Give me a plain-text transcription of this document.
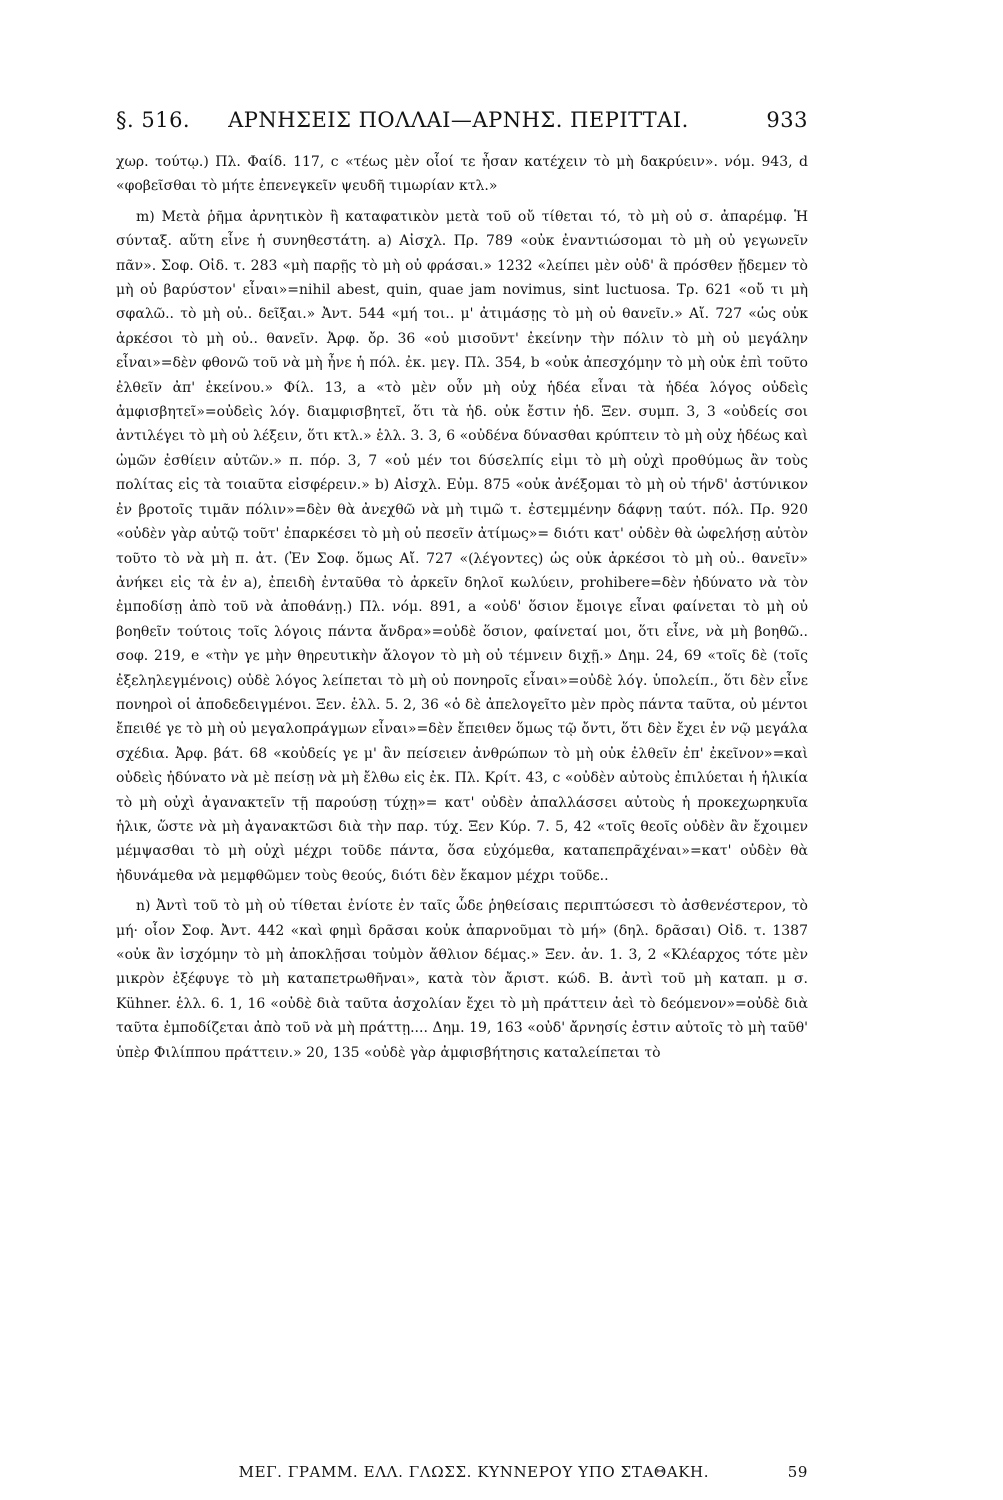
§. 516.	ΑΡΝΗΣΕΙΣ ΠΟΛΛΑΙ—ΑΡΝΗΣ. ΠΕΡΙΤΤΑΙ.	933

χωρ. τούτῳ.) Πλ. Φαίδ. 117, c «τέως μὲν οἷοί τε ἦσαν κατέχειν τὸ μὴ δακρύειν». νόμ. 943, d «φοβεῖσθαι τὸ μήτε ἐπενεγκεῖν ψευδῆ τιμωρίαν κτλ.»

m) Μετὰ ῥῆμα ἀρνητικὸν ἢ καταφατικὸν μετὰ τοῦ οὔ τίθεται τό, τὸ μὴ οὐ σ. ἀπαρέμφ. Ἡ σύνταξ. αὕτη εἶνε ἡ συνηθεστάτη. a) Αἰσχλ. Πρ. 789 «οὐκ ἐναντιώσομαι τὸ μὴ οὐ γεγωνεῖν πᾶν». Σοφ. Οἰδ. τ. 283 «μὴ παρῇς τὸ μὴ οὐ φράσαι.» 1232 «λείπει μὲν οὐδ' ἃ πρόσθεν ᾔδεμεν τὸ μὴ οὐ βαρύστον' εἶναι»=nihil abest, quin, quae jam novimus, sint luctuosa. Τρ. 621 «οὔ τι μὴ σφαλῶ.. τὸ μὴ οὐ.. δεῖξαι.» Ἀντ. 544 «μή τοι.. μ' ἀτιμάσῃς τὸ μὴ οὐ θανεῖν.» Αἴ. 727 «ὡς οὐκ ἀρκέσοι τὸ μὴ οὐ.. θανεῖν. Ἀρφ. ὄρ. 36 «οὐ μισοῦντ' ἐκείνην τὴν πόλιν τὸ μὴ οὐ μεγάλην εἶναι»=δὲν φθονῶ τοῦ νὰ μὴ ἦνε ἡ πόλ. ἐκ. μεγ. Πλ. 354, b «οὐκ ἀπεσχόμην τὸ μὴ οὐκ ἐπὶ τοῦτο ἐλθεῖν ἀπ' ἐκείνου.» Φίλ. 13, a «τὸ μὲν οὖν μὴ οὐχ ἡδέα εἶναι τὰ ἡδέα λόγος οὐδεὶς ἀμφισβητεῖ»=οὐδεὶς λόγ. διαμφισβητεῖ, ὅτι τὰ ἡδ. οὐκ ἔστιν ἡδ. Ξεν. συμπ. 3, 3 «οὐδείς σοι ἀντιλέγει τὸ μὴ οὐ λέξειν, ὅτι κτλ.» ἑλλ. 3. 3, 6 «οὐδένα δύνασθαι κρύπτειν τὸ μὴ οὐχ ἡδέως καὶ ὠμῶν ἐσθίειν αὐτῶν.» π. πόρ. 3, 7 «οὐ μέν τοι δύσελπίς εἰμι τὸ μὴ οὐχὶ προθύμως ἂν τοὺς πολίτας εἰς τὰ τοιαῦτα εἰσφέρειν.» b) Αἰσχλ. Εὐμ. 875 «οὐκ ἀνέξομαι τὸ μὴ οὐ τήνδ' ἀστύνικον ἐν βροτοῖς τιμᾶν πόλιν»=δὲν θὰ ἀνεχθῶ νὰ μὴ τιμῶ τ. ἐστεμμένην δάφνῃ ταύτ. πόλ. Πρ. 920 «οὐδὲν γὰρ αὐτῷ τοῦτ' ἐπαρκέσει τὸ μὴ οὐ πεσεῖν ἀτίμως»= διότι κατ' οὐδὲν θὰ ὠφελήσῃ αὐτὸν τοῦτο τὸ νὰ μὴ π. ἀτ. (Ἐν Σοφ. ὅμως Αἴ. 727 «(λέγοντες) ὡς οὐκ ἀρκέσοι τὸ μὴ οὐ.. θανεῖν» ἀνήκει εἰς τὰ ἐν a), ἐπειδὴ ἐνταῦθα τὸ ἀρκεῖν δηλοῖ κωλύειν, prohibere=δὲν ἠδύνατο νὰ τὸν ἐμποδίσῃ ἀπὸ τοῦ νὰ ἀποθάνῃ.) Πλ. νόμ. 891, a «οὐδ' ὅσιον ἔμοιγε εἶναι φαίνεται τὸ μὴ οὐ βοηθεῖν τούτοις τοῖς λόγοις πάντα ἄνδρα»=οὐδὲ ὅσιον, φαίνεταί μοι, ὅτι εἶνε, νὰ μὴ βοηθῶ.. σοφ. 219, e «τὴν γε μὴν θηρευτικὴν ἄλογον τὸ μὴ οὐ τέμνειν διχῇ.» Δημ. 24, 69 «τοῖς δὲ (τοῖς ἐξεληλεγμένοις) οὐδὲ λόγος λείπεται τὸ μὴ οὐ πονηροῖς εἶναι»=οὐδὲ λόγ. ὑπολείπ., ὅτι δὲν εἶνε πονηροὶ οἱ ἀποδεδειγμένοι. Ξεν. ἑλλ. 5. 2, 36 «ὁ δὲ ἀπελογεῖτο μὲν πρὸς πάντα ταῦτα, οὐ μέντοι ἔπειθέ γε τὸ μὴ οὐ μεγαλοπράγμων εἶναι»=δὲν ἔπειθεν ὅμως τῷ ὄντι, ὅτι δὲν ἔχει ἐν νῷ μεγάλα σχέδια. Ἀρφ. βάτ. 68 «κοὐδείς γε μ' ἂν πείσειεν ἀνθρώπων τὸ μὴ οὐκ ἐλθεῖν ἐπ' ἐκεῖνον»=καὶ οὐδεὶς ἠδύνατο νὰ μὲ πείσῃ νὰ μὴ ἔλθω εἰς ἐκ. Πλ. Κρίτ. 43, c «οὐδὲν αὐτοὺς ἐπιλύεται ἡ ἡλικία τὸ μὴ οὐχὶ ἀγανακτεῖν τῇ παρούσῃ τύχῃ»= κατ' οὐδὲν ἀπαλλάσσει αὐτοὺς ἡ προκεχωρηκυῖα ἡλικ, ὥστε νὰ μὴ ἀγανακτῶσι διὰ τὴν παρ. τύχ. Ξεν Κύρ. 7. 5, 42 «τοῖς θεοῖς οὐδὲν ἂν ἔχοιμεν μέμψασθαι τὸ μὴ οὐχὶ μέχρι τοῦδε πάντα, ὅσα εὐχόμεθα, καταπεπρᾶχέναι»=κατ' οὐδὲν θὰ ἠδυνάμεθα νὰ μεμφθῶμεν τοὺς θεούς, διότι δὲν ἔκαμον μέχρι τοῦδε..

n) Ἀντὶ τοῦ τὸ μὴ οὐ τίθεται ἐνίοτε ἐν ταῖς ὧδε ῥηθείσαις περιπτώσεσι τὸ ἀσθενέστερον, τὸ μή· οἷον Σοφ. Ἀντ. 442 «καὶ φημὶ δρᾶσαι κοὐκ ἀπαρνοῦμαι τὸ μή» (δηλ. δρᾶσαι) Οἰδ. τ. 1387 «οὐκ ἂν ἰσχόμην τὸ μὴ ἀποκλῇσαι τοὐμὸν ἄθλιον δέμας.» Ξεν. ἀν. 1. 3, 2 «Κλέαρχος τότε μὲν μικρὸν ἐξέφυγε τὸ μὴ καταπετρωθῆναι», κατὰ τὸν ἄριστ. κώδ. Β. ἀντὶ τοῦ μὴ καταπ. μ σ. Kühner. ἑλλ. 6. 1, 16 «οὐδὲ διὰ ταῦτα ἀσχολίαν ἔχει τὸ μὴ πράττειν ἀεὶ τὸ δεόμενον»=οὐδὲ διὰ ταῦτα ἐμποδίζεται ἀπὸ τοῦ νὰ μὴ πράττῃ.... Δημ. 19, 163 «οὐδ' ἄρνησίς ἐστιν αὐτοῖς τὸ μὴ ταῦθ' ὑπὲρ Φιλίππου πράττειν.» 20, 135 «οὐδὲ γὰρ ἀμφισβήτησις καταλείπεται τὸ

ΜΕΓ. ΓΡΑΜΜ. ΕΛΛ. ΓΛΩΣΣ. ΚΥΝΝΕΡΟΥ ΥΠΟ ΣΤΑΘΑΚΗ.	59
